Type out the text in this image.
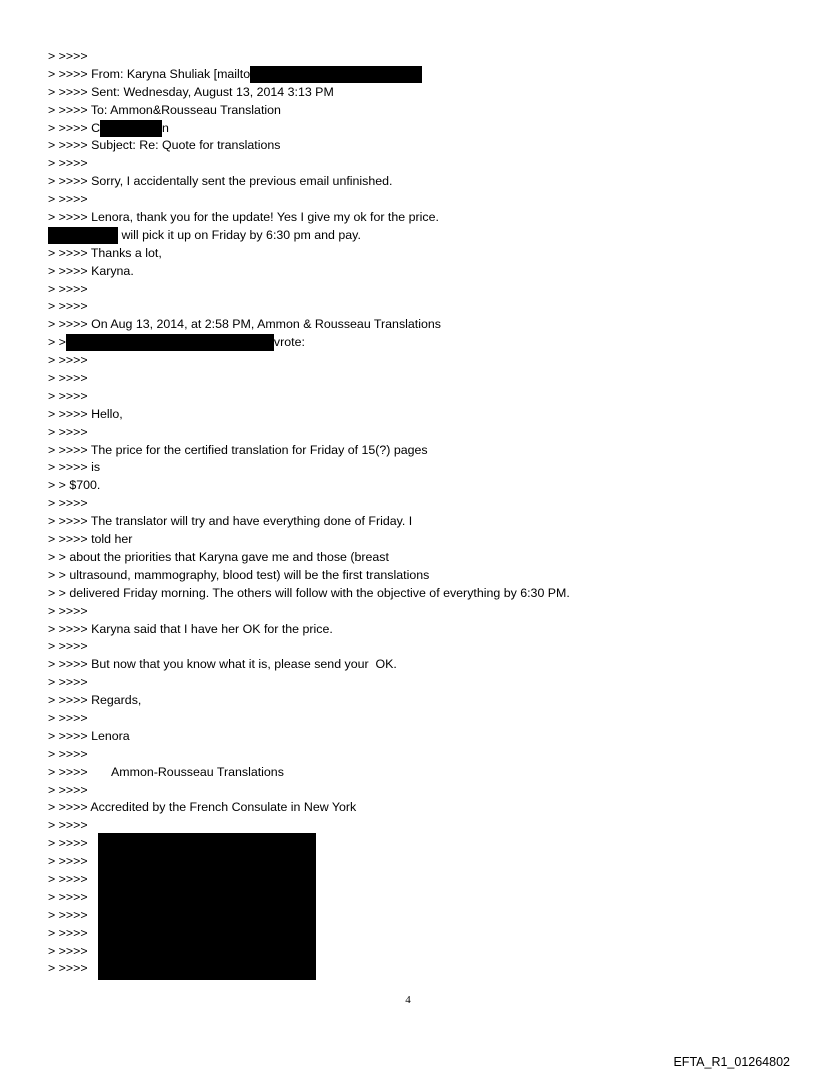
> >>>>
> >>>> From: Karyna Shuliak [mailto
> >>>> Sent: Wednesday, August 13, 2014 3:13 PM
> >>>> To: Ammon&Rousseau Translation
> >>>> C	n
> >>>> Subject: Re: Quote for translations
> >>>>
> >>>> Sorry, I accidentally sent the previous email unfinished.
> >>>>
> >>>> Lenora, thank you for the update! Yes I give my ok for the price.
will pick it up on Friday by 6:30 pm and pay.
> >>>> Thanks a lot,
> >>>> Karyna.
> >>>>
> >>>>
> >>>> On Aug 13, 2014, at 2:58 PM, Ammon & Rousseau Translations
> >	vrote:
> >>>>
> >>>>
> >>>>
> >>>> Hello,
> >>>>
> >>>> The price for the certified translation for Friday of 15(?) pages
> >>>> is
> > $700.
> >>>>
> >>>> The translator will try and have everything done of Friday. I
> >>>> told her
> > about the priorities that Karyna gave me and those (breast
> > ultrasound, mammography, blood test) will be the first translations
> > delivered Friday morning. The others will follow with the objective of everything by 6:30 PM.
> >>>>
> >>>> Karyna said that I have her OK for the price.
> >>>>
> >>>> But now that you know what it is, please send your  OK.
> >>>>
> >>>> Regards,
> >>>>
> >>>> Lenora
> >>>>
> >>>>       Ammon-Rousseau Translations
> >>>>
> >>>> Accredited by the French Consulate in New York
> >>>>
> >>>>
> >>>>
> >>>>
> >>>>
> >>>>
> >>>>
> >>>>
> >>>>
4
EFTA_R1_01264802
